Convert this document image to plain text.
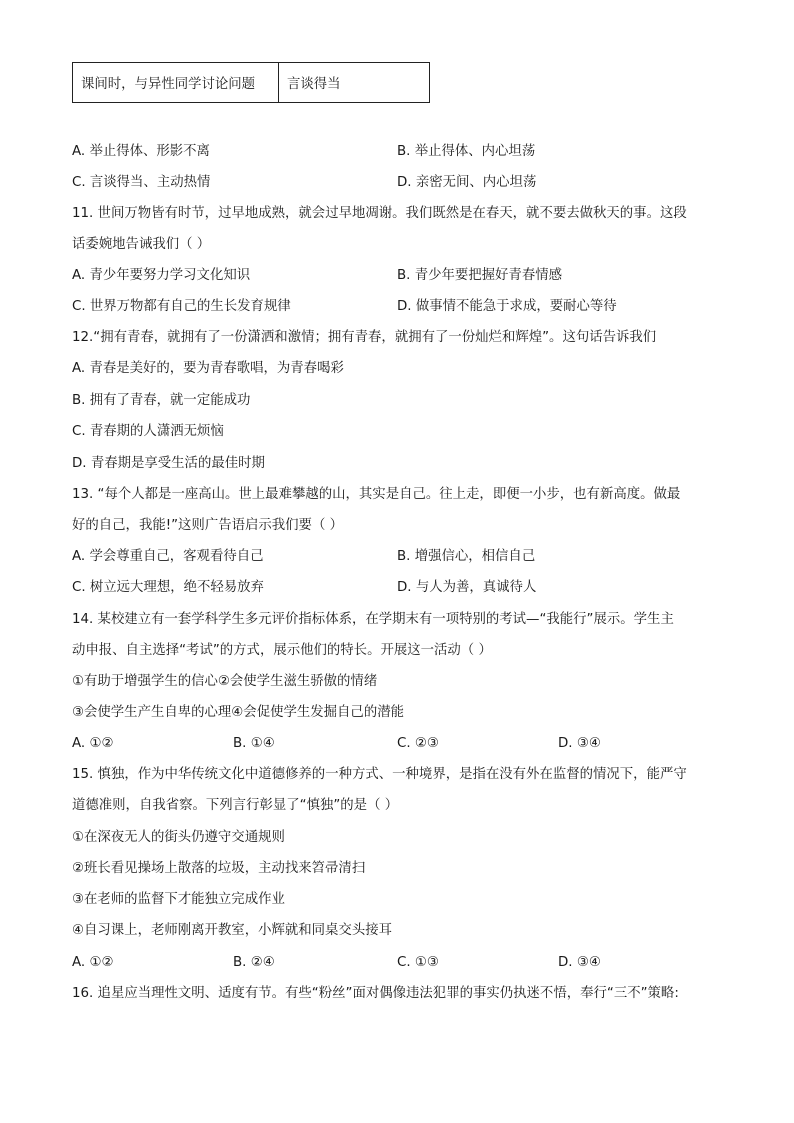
课间时，与异性同学讨论问题	言谈得当
A. 举止得体、形影不离	B. 举止得体、内心坦荡
C. 言谈得当、主动热情	D. 亲密无间、内心坦荡
11. 世间万物皆有时节，过早地成熟，就会过早地凋谢。我们既然是在春天，就不要去做秋天的事。这段
话委婉地告诫我们（ ）
A. 青少年要努力学习文化知识	B. 青少年要把握好青春情感
C. 世界万物都有自己的生长发育规律	D. 做事情不能急于求成，要耐心等待
12.“拥有青春，就拥有了一份潇洒和激情；拥有青春，就拥有了一份灿烂和辉煌”。这句话告诉我们
A. 青春是美好的，要为青春歌唱，为青春喝彩
B. 拥有了青春，就一定能成功
C. 青春期的人潇洒无烦恼
D. 青春期是享受生活的最佳时期
13. “每个人都是一座高山。世上最难攀越的山，其实是自己。往上走，即便一小步，也有新高度。做最
好的自己，我能!”这则广告语启示我们要（ ）
A. 学会尊重自己，客观看待自己	B. 增强信心，相信自己
C. 树立远大理想，绝不轻易放弃	D. 与人为善，真诚待人
14. 某校建立有一套学科学生多元评价指标体系，在学期末有一项特别的考试—“我能行”展示。学生主
动申报、自主选择“考试”的方式，展示他们的特长。开展这一活动（ ）
①有助于增强学生的信心②会使学生滋生骄傲的情绪
③会使学生产生自卑的心理④会促使学生发掘自己的潜能
A. ①②	B. ①④	C. ②③	D. ③④
15. 慎独，作为中华传统文化中道德修养的一种方式、一种境界，是指在没有外在监督的情况下，能严守
道德准则，自我省察。下列言行彰显了“慎独”的是（ ）
①在深夜无人的街头仍遵守交通规则
②班长看见操场上散落的垃圾，主动找来笤帚清扫
③在老师的监督下才能独立完成作业
④自习课上，老师刚离开教室，小辉就和同桌交头接耳
A. ①②	B. ②④	C. ①③	D. ③④
16. 追星应当理性文明、适度有节。有些“粉丝”面对偶像违法犯罪的事实仍执迷不悟，奉行“三不”策略:
